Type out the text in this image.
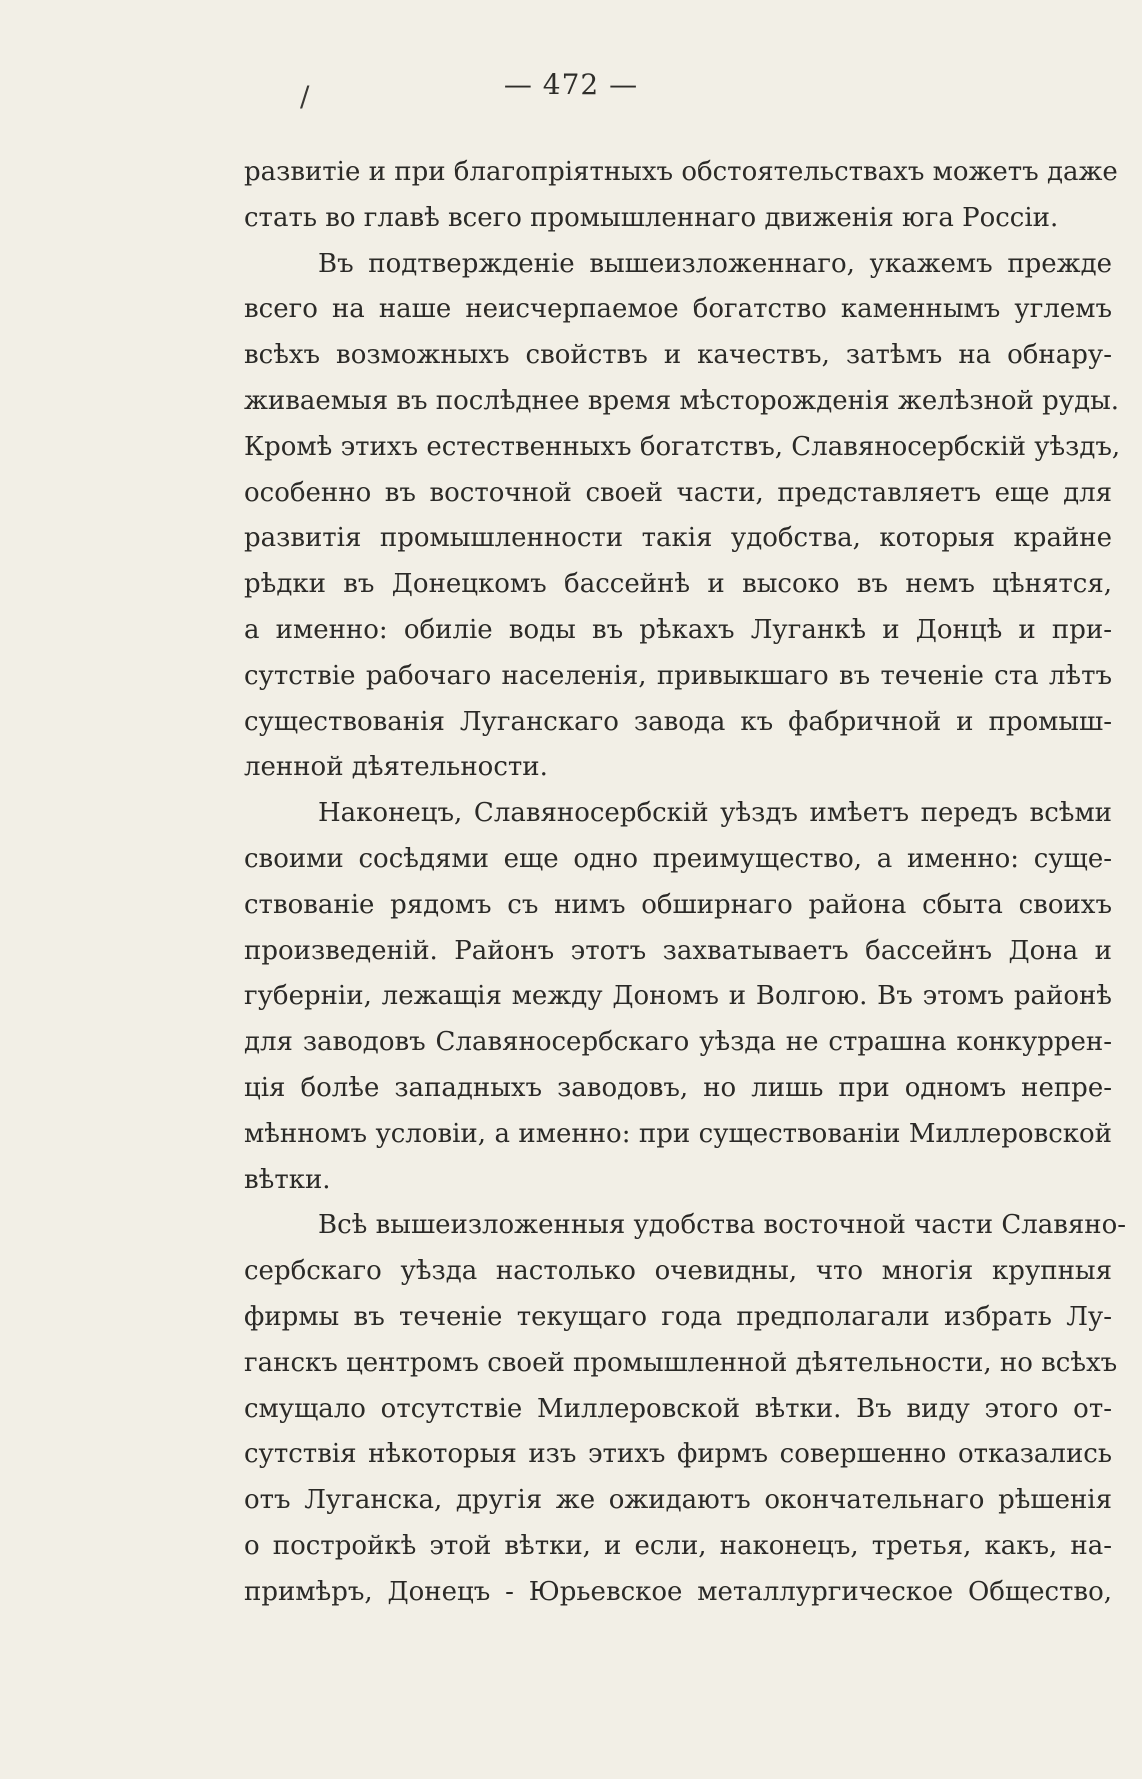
/	— 472 —
развитіе и при благопріятныхъ обстоятельствахъ можетъ даже
стать во главѣ всего промышленнаго движенія юга Россіи.
Въ подтвержденіе вышеизложеннаго, укажемъ прежде
всего на наше неисчерпаемое богатство каменнымъ углемъ
всѣхъ возможныхъ свойствъ и качествъ, затѣмъ на обнару-
живаемыя въ послѣднее время мѣсторожденія желѣзной руды.
Кромѣ этихъ естественныхъ богатствъ, Славяносербскій уѣздъ,
особенно въ восточной своей части, представляетъ еще для
развитія промышленности такія удобства, которыя крайне
рѣдки въ Донецкомъ бассейнѣ и высоко въ немъ цѣнятся,
а именно: обиліе воды въ рѣкахъ Луганкѣ и Донцѣ и при-
сутствіе рабочаго населенія, привыкшаго въ теченіе ста лѣтъ
существованія Луганскаго завода къ фабричной и промыш-
ленной дѣятельности.
Наконецъ, Славяносербскій уѣздъ имѣетъ передъ всѣми
своими сосѣдями еще одно преимущество, а именно: суще-
ствованіе рядомъ съ нимъ обширнаго района сбыта своихъ
произведеній. Районъ этотъ захватываетъ бассейнъ Дона и
губерніи, лежащія между Дономъ и Волгою. Въ этомъ районѣ
для заводовъ Славяносербскаго уѣзда не страшна конкуррен-
ція болѣе западныхъ заводовъ, но лишь при одномъ непре-
мѣнномъ условіи, а именно: при существованіи Миллеровской
вѣтки.
Всѣ вышеизложенныя удобства восточной части Славяно-
сербскаго уѣзда настолько очевидны, что многія крупныя
фирмы въ теченіе текущаго года предполагали избрать Лу-
ганскъ центромъ своей промышленной дѣятельности, но всѣхъ
смущало отсутствіе Миллеровской вѣтки. Въ виду этого от-
сутствія нѣкоторыя изъ этихъ фирмъ совершенно отказались
отъ Луганска, другія же ожидаютъ окончательнаго рѣшенія
о постройкѣ этой вѣтки, и если, наконецъ, третья, какъ, на-
примѣръ, Донецъ - Юрьевское металлургическое Общество,
